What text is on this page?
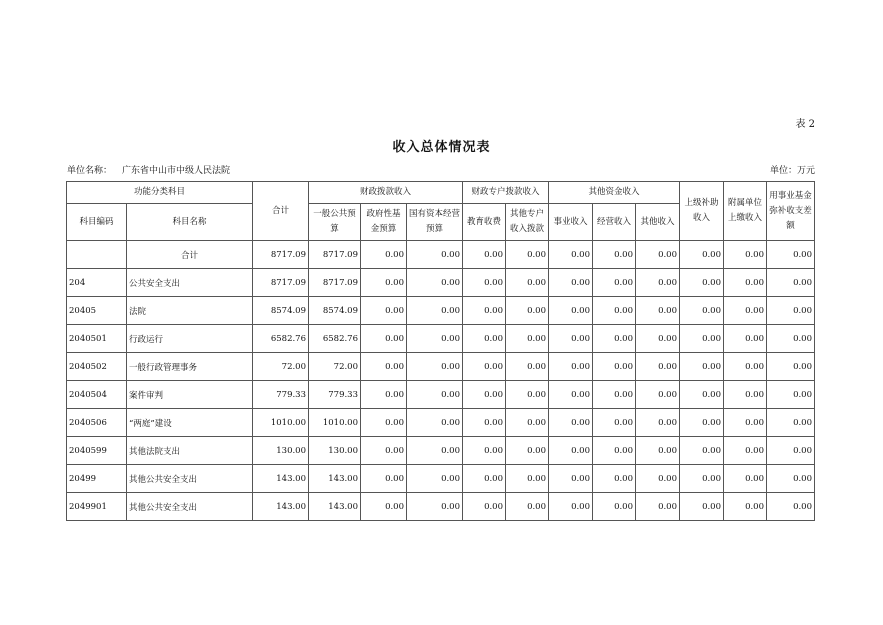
表 2
收入总体情况表
单位名称： 广东省中山市中级人民法院	单位：万元
功能分类科目		合计	财政拨款收入			财政专户拨款收入		其他资金收入			上级补助收入	附属单位上缴收入	用事业基金弥补收支差额
科目编码	科目名称		一般公共预算	政府性基金预算	国有资本经营预算	教育收费	其他专户收入拨款	事业收入	经营收入	其他收入			
	合计	8717.09	8717.09	0.00	0.00	0.00	0.00	0.00	0.00	0.00	0.00	0.00	0.00
204	公共安全支出	8717.09	8717.09	0.00	0.00	0.00	0.00	0.00	0.00	0.00	0.00	0.00	0.00
20405	法院	8574.09	8574.09	0.00	0.00	0.00	0.00	0.00	0.00	0.00	0.00	0.00	0.00
2040501	行政运行	6582.76	6582.76	0.00	0.00	0.00	0.00	0.00	0.00	0.00	0.00	0.00	0.00
2040502	一般行政管理事务	72.00	72.00	0.00	0.00	0.00	0.00	0.00	0.00	0.00	0.00	0.00	0.00
2040504	案件审判	779.33	779.33	0.00	0.00	0.00	0.00	0.00	0.00	0.00	0.00	0.00	0.00
2040506	“两庭”建设	1010.00	1010.00	0.00	0.00	0.00	0.00	0.00	0.00	0.00	0.00	0.00	0.00
2040599	其他法院支出	130.00	130.00	0.00	0.00	0.00	0.00	0.00	0.00	0.00	0.00	0.00	0.00
20499	其他公共安全支出	143.00	143.00	0.00	0.00	0.00	0.00	0.00	0.00	0.00	0.00	0.00	0.00
2049901	其他公共安全支出	143.00	143.00	0.00	0.00	0.00	0.00	0.00	0.00	0.00	0.00	0.00	0.00
